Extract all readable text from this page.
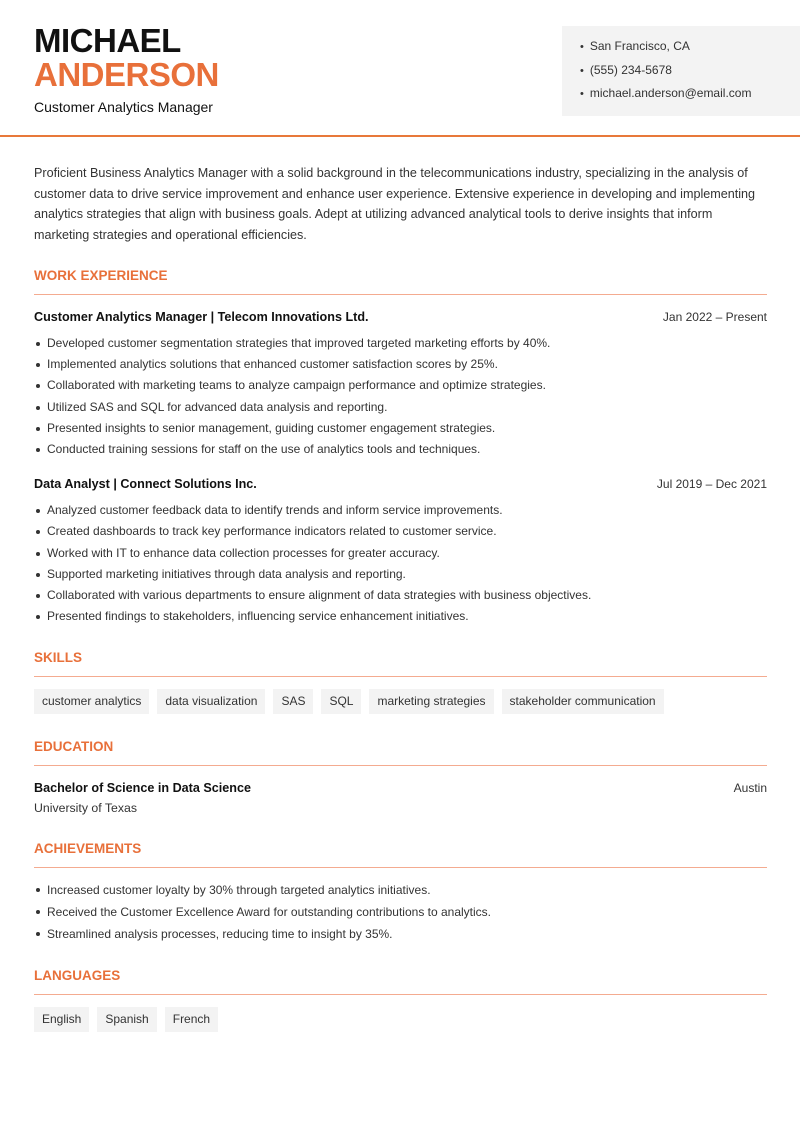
MICHAEL
ANDERSON
Customer Analytics Manager
• San Francisco, CA
• (555) 234-5678
• michael.anderson@email.com

Proficient Business Analytics Manager with a solid background in the telecommunications industry, specializing in the analysis of customer data to drive service improvement and enhance user experience. Extensive experience in developing and implementing analytics strategies that align with business goals. Adept at utilizing advanced analytical tools to derive insights that inform marketing strategies and operational efficiencies.

WORK EXPERIENCE
Customer Analytics Manager | Telecom Innovations Ltd.	Jan 2022 – Present
Developed customer segmentation strategies that improved targeted marketing efforts by 40%.
Implemented analytics solutions that enhanced customer satisfaction scores by 25%.
Collaborated with marketing teams to analyze campaign performance and optimize strategies.
Utilized SAS and SQL for advanced data analysis and reporting.
Presented insights to senior management, guiding customer engagement strategies.
Conducted training sessions for staff on the use of analytics tools and techniques.
Data Analyst | Connect Solutions Inc.	Jul 2019 – Dec 2021
Analyzed customer feedback data to identify trends and inform service improvements.
Created dashboards to track key performance indicators related to customer service.
Worked with IT to enhance data collection processes for greater accuracy.
Supported marketing initiatives through data analysis and reporting.
Collaborated with various departments to ensure alignment of data strategies with business objectives.
Presented findings to stakeholders, influencing service enhancement initiatives.
SKILLS
customer analytics	data visualization	SAS	SQL	marketing strategies	stakeholder communication
EDUCATION
Bachelor of Science in Data Science	Austin
University of Texas
ACHIEVEMENTS
Increased customer loyalty by 30% through targeted analytics initiatives.
Received the Customer Excellence Award for outstanding contributions to analytics.
Streamlined analysis processes, reducing time to insight by 35%.
LANGUAGES
English	Spanish	French
